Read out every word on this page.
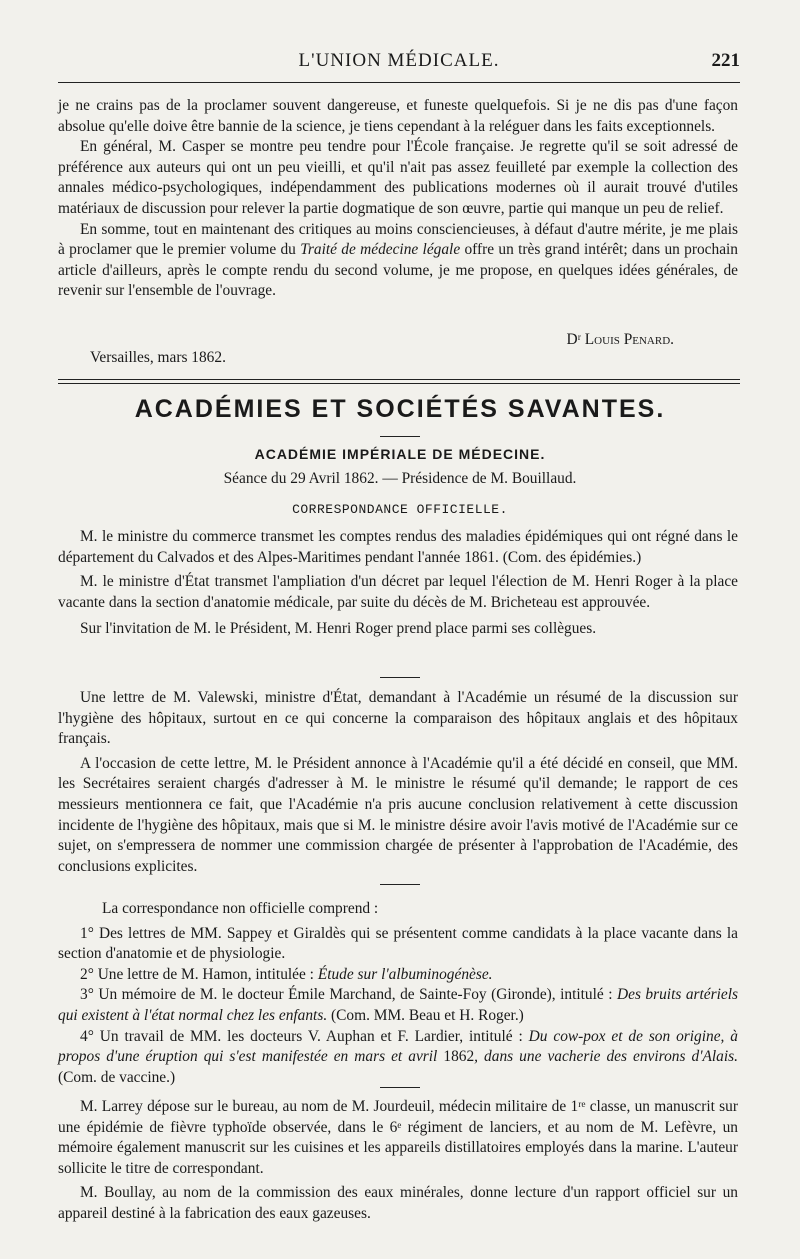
L'UNION MÉDICALE.	221

je ne crains pas de la proclamer souvent dangereuse, et funeste quelquefois. Si je ne dis pas d'une façon absolue qu'elle doive être bannie de la science, je tiens cependant à la reléguer dans les faits exceptionnels.

En général, M. Casper se montre peu tendre pour l'École française. Je regrette qu'il se soit adressé de préférence aux auteurs qui ont un peu vieilli, et qu'il n'ait pas assez feuilleté par exemple la collection des annales médico-psychologiques, indépendamment des publications modernes où il aurait trouvé d'utiles matériaux de discussion pour relever la partie dogmatique de son œuvre, partie qui manque un peu de relief.

En somme, tout en maintenant des critiques au moins consciencieuses, à défaut d'autre mérite, je me plais à proclamer que le premier volume du Traité de médecine légale offre un très grand intérêt; dans un prochain article d'ailleurs, après le compte rendu du second volume, je me propose, en quelques idées générales, de revenir sur l'ensemble de l'ouvrage.

Dʳ Louis Penard.
Versailles, mars 1862.
ACADÉMIES ET SOCIÉTÉS SAVANTES.
ACADÉMIE IMPÉRIALE DE MÉDECINE.
Séance du 29 Avril 1862. — Présidence de M. Bouillaud.
CORRESPONDANCE OFFICIELLE.

M. le ministre du commerce transmet les comptes rendus des maladies épidémiques qui ont régné dans le département du Calvados et des Alpes-Maritimes pendant l'année 1861. (Com. des épidémies.)

M. le ministre d'État transmet l'ampliation d'un décret par lequel l'élection de M. Henri Roger à la place vacante dans la section d'anatomie médicale, par suite du décès de M. Bricheteau est approuvée.

Sur l'invitation de M. le Président, M. Henri Roger prend place parmi ses collègues.

Une lettre de M. Valewski, ministre d'État, demandant à l'Académie un résumé de la discussion sur l'hygiène des hôpitaux, surtout en ce qui concerne la comparaison des hôpitaux anglais et des hôpitaux français.

A l'occasion de cette lettre, M. le Président annonce à l'Académie qu'il a été décidé en conseil, que MM. les Secrétaires seraient chargés d'adresser à M. le ministre le résumé qu'il demande; le rapport de ces messieurs mentionnera ce fait, que l'Académie n'a pris aucune conclusion relativement à cette discussion incidente de l'hygiène des hôpitaux, mais que si M. le ministre désire avoir l'avis motivé de l'Académie sur ce sujet, on s'empressera de nommer une commission chargée de présenter à l'approbation de l'Académie, des conclusions explicites.

La correspondance non officielle comprend :

1° Des lettres de MM. Sappey et Giraldès qui se présentent comme candidats à la place vacante dans la section d'anatomie et de physiologie.

2° Une lettre de M. Hamon, intitulée : Étude sur l'albuminogénèse.

3° Un mémoire de M. le docteur Émile Marchand, de Sainte-Foy (Gironde), intitulé : Des bruits artériels qui existent à l'état normal chez les enfants. (Com. MM. Beau et H. Roger.)

4° Un travail de MM. les docteurs V. Auphan et F. Lardier, intitulé : Du cow-pox et de son origine, à propos d'une éruption qui s'est manifestée en mars et avril 1862, dans une vacherie des environs d'Alais. (Com. de vaccine.)

M. Larrey dépose sur le bureau, au nom de M. Jourdeuil, médecin militaire de 1ʳᵉ classe, un manuscrit sur une épidémie de fièvre typhoïde observée, dans le 6ᵉ régiment de lanciers, et au nom de M. Lefèvre, un mémoire également manuscrit sur les cuisines et les appareils distillatoires employés dans la marine. L'auteur sollicite le titre de correspondant.

M. Boullay, au nom de la commission des eaux minérales, donne lecture d'un rapport officiel sur un appareil destiné à la fabrication des eaux gazeuses.
